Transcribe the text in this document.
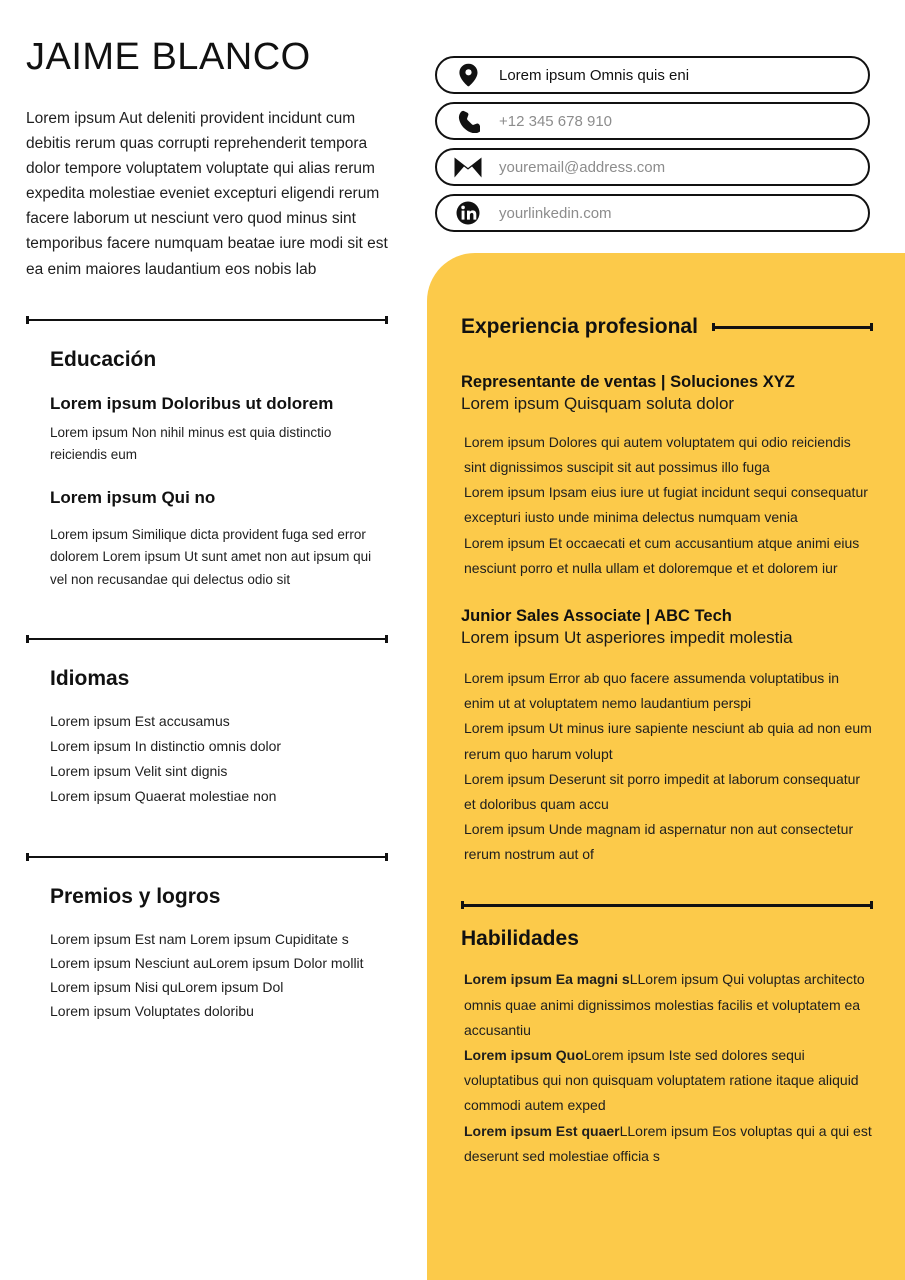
JAIME BLANCO

Lorem ipsum Aut deleniti provident incidunt cum debitis rerum quas corrupti reprehenderit tempora dolor tempore voluptatem voluptate qui alias rerum expedita molestiae eveniet excepturi eligendi rerum facere laborum ut nesciunt vero quod minus sint temporibus facere numquam beatae iure modi sit est ea enim maiores laudantium eos nobis lab

Educación
Lorem ipsum Doloribus ut dolorem

Lorem ipsum Non nihil minus est quia distinctio reiciendis eum

Lorem ipsum Qui no

Lorem ipsum Similique dicta provident fuga sed error dolorem Lorem ipsum Ut sunt amet non aut ipsum qui vel non recusandae qui delectus odio sit

Idiomas
Lorem ipsum Est accusamus
Lorem ipsum In distinctio omnis dolor
Lorem ipsum Velit sint dignis
Lorem ipsum Quaerat molestiae non
Premios y logros
Lorem ipsum Est nam Lorem ipsum Cupiditate s
Lorem ipsum Nesciunt auLorem ipsum Dolor mollit
Lorem ipsum Nisi quLorem ipsum Dol
Lorem ipsum Voluptates doloribu
Lorem ipsum Omnis quis eni
+12 345 678 910
youremail@address.com
yourlinkedin.com
Experiencia profesional
Representante de ventas | Soluciones XYZ

Lorem ipsum Quisquam soluta dolor

Lorem ipsum Dolores qui autem voluptatem qui odio reiciendis sint dignissimos suscipit sit aut possimus illo fuga
Lorem ipsum Ipsam eius iure ut fugiat incidunt sequi consequatur excepturi iusto unde minima delectus numquam venia
Lorem ipsum Et occaecati et cum accusantium atque animi eius nesciunt porro et nulla ullam et doloremque et et dolorem iur
Junior Sales Associate | ABC Tech

Lorem ipsum Ut asperiores impedit molestia

Lorem ipsum Error ab quo facere assumenda voluptatibus in enim ut at voluptatem nemo laudantium perspi
Lorem ipsum Ut minus iure sapiente nesciunt ab quia ad non eum rerum quo harum volupt
Lorem ipsum Deserunt sit porro impedit at laborum consequatur et doloribus quam accu
Lorem ipsum Unde magnam id aspernatur non aut consectetur rerum nostrum aut of
Habilidades
Lorem ipsum Ea magni sLLorem ipsum Qui voluptas architecto omnis quae animi dignissimos molestias facilis et voluptatem ea accusantiu
Lorem ipsum QuoLorem ipsum Iste sed dolores sequi voluptatibus qui non quisquam voluptatem ratione itaque aliquid commodi autem exped
Lorem ipsum Est quaerLLorem ipsum Eos voluptas qui a qui est deserunt sed molestiae officia s
